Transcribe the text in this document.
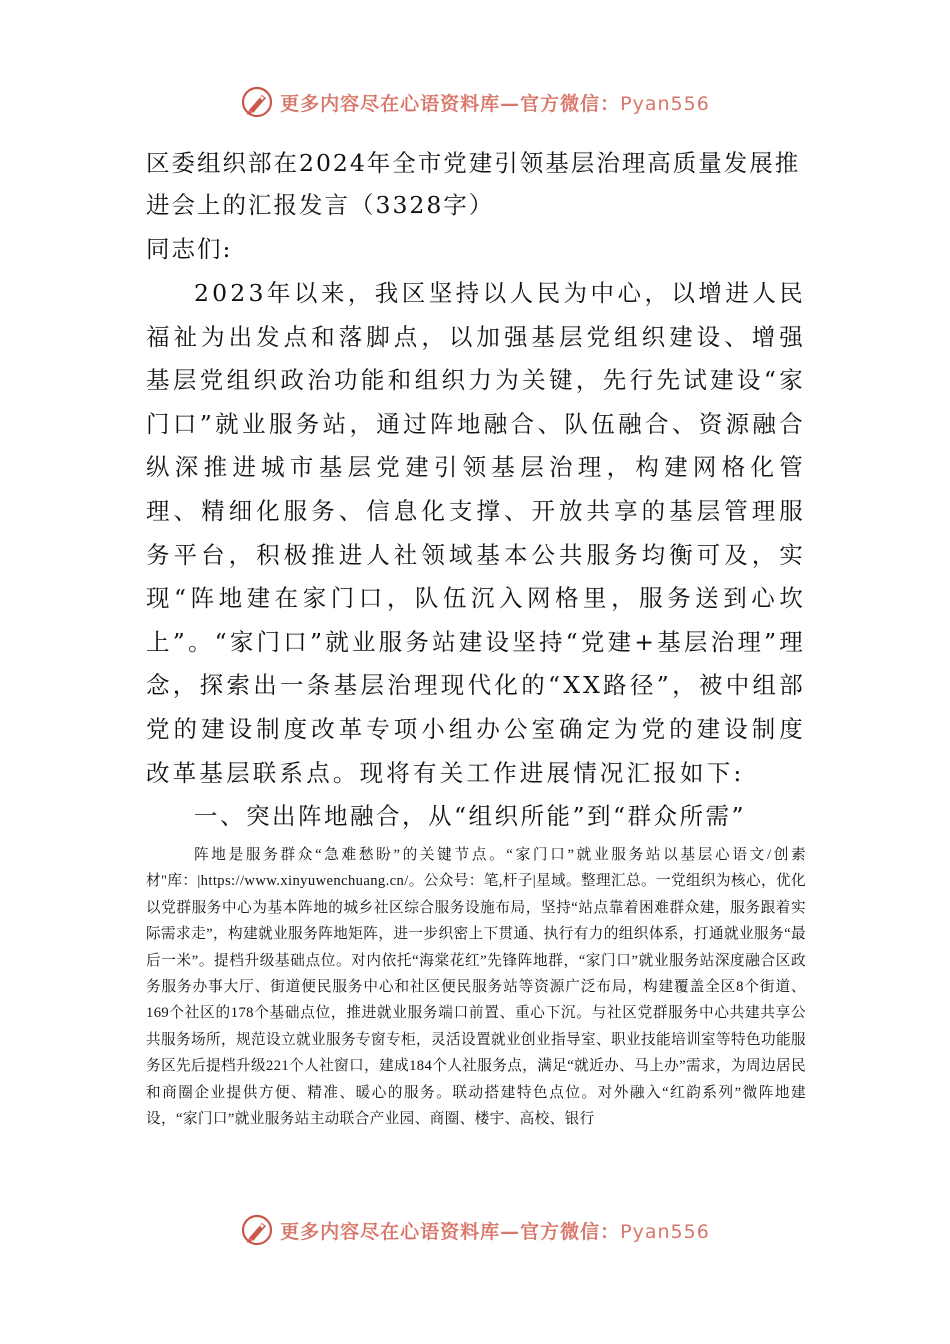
更多内容尽在心语资料库—官方微信：Pyan556
区委组织部在2024年全市党建引领基层治理高质量发展推进会上的汇报发言（3328字）

同志们:

2023年以来，我区坚持以人民为中心，以增进人民福祉为出发点和落脚点，以加强基层党组织建设、增强基层党组织政治功能和组织力为关键，先行先试建设“家门口”就业服务站，通过阵地融合、队伍融合、资源融合纵深推进城市基层党建引领基层治理，构建网格化管理、精细化服务、信息化支撑、开放共享的基层管理服务平台，积极推进人社领域基本公共服务均衡可及，实现“阵地建在家门口，队伍沉入网格里，服务送到心坎上”。“家门口”就业服务站建设坚持“党建+基层治理”理念，探索出一条基层治理现代化的“XX路径”，被中组部党的建设制度改革专项小组办公室确定为党的建设制度改革基层联系点。现将有关工作进展情况汇报如下:

一、突出阵地融合，从“组织所能”到“群众所需”

阵地是服务群众“急难愁盼”的关键节点。“家门口”就业服务站以基层心语文/创素材"库：|https://www.xinyuwenchuang.cn/。公众号：笔,杆子|星域。整理汇总。一党组织为核心，优化以党群服务中心为基本阵地的城乡社区综合服务设施布局，坚持“站点靠着困难群众建，服务跟着实际需求走”，构建就业服务阵地矩阵，进一步织密上下贯通、执行有力的组织体系，打通就业服务“最后一米”。提档升级基础点位。对内依托“海棠花红”先锋阵地群，“家门口”就业服务站深度融合区政务服务办事大厅、街道便民服务中心和社区便民服务站等资源广泛布局，构建覆盖全区8个街道、169个社区的178个基础点位，推进就业服务端口前置、重心下沉。与社区党群服务中心共建共享公共服务场所，规范设立就业服务专窗专柜，灵活设置就业创业指导室、职业技能培训室等特色功能服务区先后提档升级221个人社窗口，建成184个人社服务点，满足“就近办、马上办”需求，为周边居民和商圈企业提供方便、精准、暖心的服务。联动搭建特色点位。对外融入“红韵系列”微阵地建设，“家门口”就业服务站主动联合产业园、商圈、楼宇、高校、银行

更多内容尽在心语资料库—官方微信：Pyan556
